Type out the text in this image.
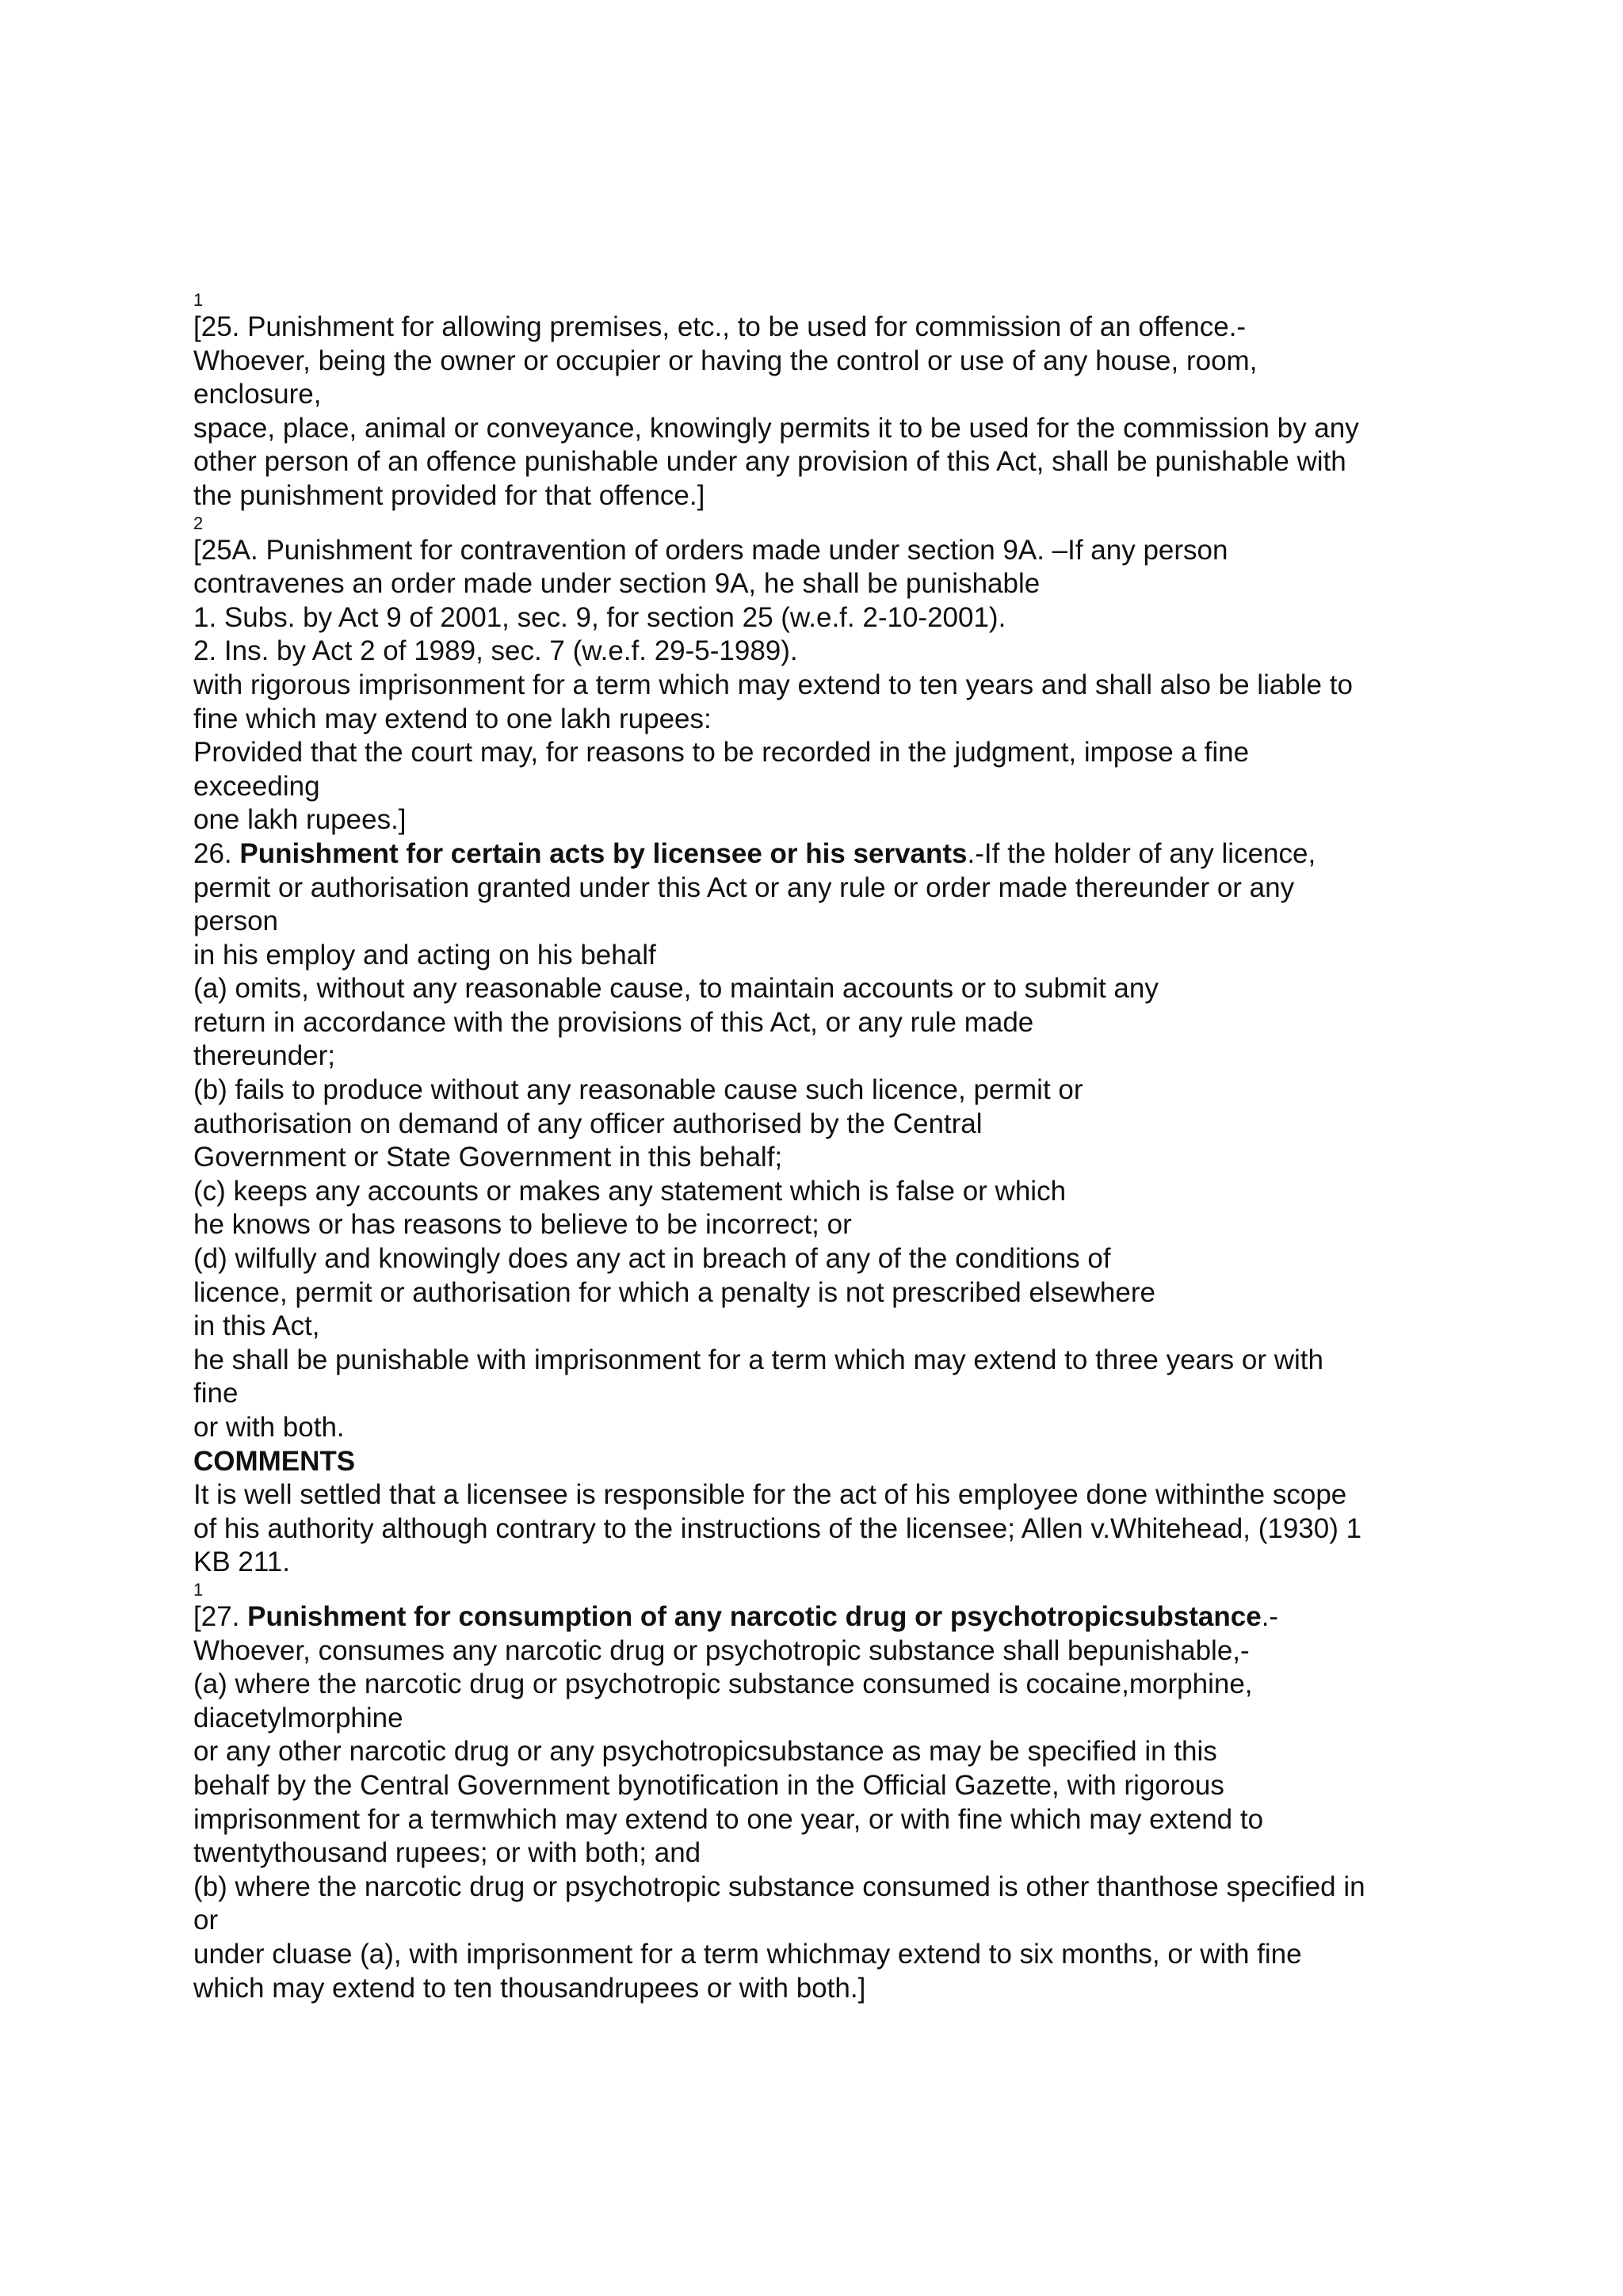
1
[25. Punishment for allowing premises, etc., to be used for commission of an offence.-
Whoever, being the owner or occupier or having the control or use of any house, room,
enclosure,
space, place, animal or conveyance, knowingly permits it to be used for the commission by any
other person of an offence punishable under any provision of this Act, shall be punishable with
the punishment provided for that offence.]
2
[25A. Punishment for contravention of orders made under section 9A. –If any person
contravenes an order made under section 9A, he shall be punishable
1. Subs. by Act 9 of 2001, sec. 9, for section 25 (w.e.f. 2-10-2001).
2. Ins. by Act 2 of 1989, sec. 7 (w.e.f. 29-5-1989).
with rigorous imprisonment for a term which may extend to ten years and shall also be liable to
fine which may extend to one lakh rupees:
Provided that the court may, for reasons to be recorded in the judgment, impose a fine
exceeding
one lakh rupees.]
26. Punishment for certain acts by licensee or his servants.-If the holder of any licence,
permit or authorisation granted under this Act or any rule or order made thereunder or any
person
in his employ and acting on his behalf
(a) omits, without any reasonable cause, to maintain accounts or to submit any
return in accordance with the provisions of this Act, or any rule made
thereunder;
(b) fails to produce without any reasonable cause such licence, permit or
authorisation on demand of any officer authorised by the Central
Government or State Government in this behalf;
(c) keeps any accounts or makes any statement which is false or which
he knows or has reasons to believe to be incorrect; or
(d) wilfully and knowingly does any act in breach of any of the conditions of
licence, permit or authorisation for which a penalty is not prescribed elsewhere
in this Act,
he shall be punishable with imprisonment for a term which may extend to three years or with
fine
or with both.
COMMENTS
It is well settled that a licensee is responsible for the act of his employee done withinthe scope
of his authority although contrary to the instructions of the licensee; Allen v.Whitehead, (1930) 1
KB 211.
1
[27. Punishment for consumption of any narcotic drug or psychotropicsubstance.-
Whoever, consumes any narcotic drug or psychotropic substance shall bepunishable,-
(a) where the narcotic drug or psychotropic substance consumed is cocaine,morphine,
diacetylmorphine
or any other narcotic drug or any psychotropicsubstance as may be specified in this
behalf by the Central Government bynotification in the Official Gazette, with rigorous
imprisonment for a termwhich may extend to one year, or with fine which may extend to
twentythousand rupees; or with both; and
(b) where the narcotic drug or psychotropic substance consumed is other thanthose specified in
or
under cluase (a), with imprisonment for a term whichmay extend to six months, or with fine
which may extend to ten thousandrupees or with both.]
